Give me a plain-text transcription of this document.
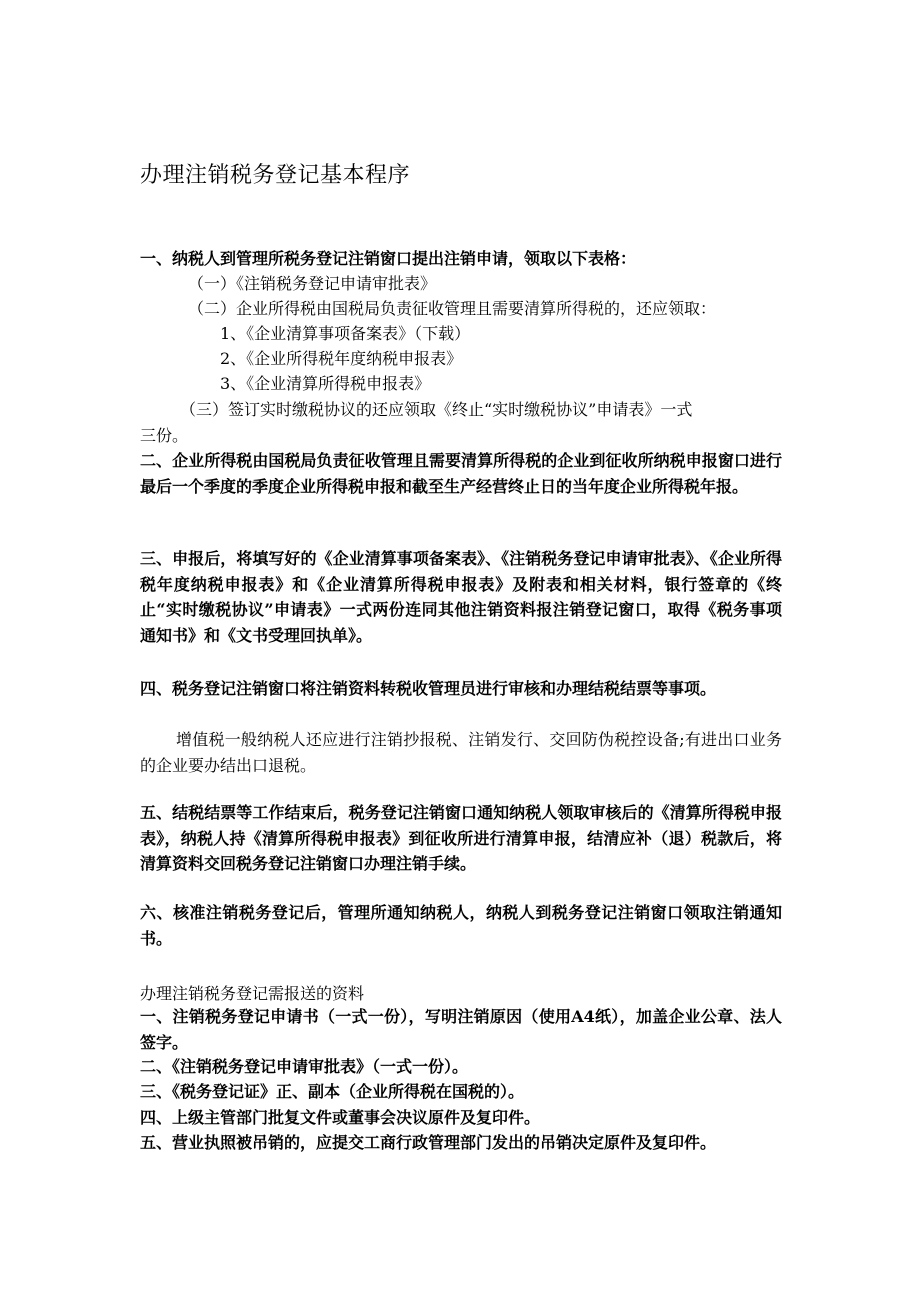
办理注销税务登记基本程序
一、纳税人到管理所税务登记注销窗口提出注销申请，领取以下表格：
（一）《注销税务登记申请审批表》
（二）企业所得税由国税局负责征收管理且需要清算所得税的，还应领取：
1、《企业清算事项备案表》（下载）
2、《企业所得税年度纳税申报表》
3、《企业清算所得税申报表》
（三）签订实时缴税协议的还应领取《终止“实时缴税协议”申请表》一式
三份。
二、企业所得税由国税局负责征收管理且需要清算所得税的企业到征收所纳税申报窗口进行最后一个季度的季度企业所得税申报和截至生产经营终止日的当年度企业所得税年报。
三、申报后，将填写好的《企业清算事项备案表》、《注销税务登记申请审批表》、《企业所得税年度纳税申报表》和《企业清算所得税申报表》及附表和相关材料，银行签章的《终止“实时缴税协议”申请表》一式两份连同其他注销资料报注销登记窗口，取得《税务事项通知书》和《文书受理回执单》。
四、税务登记注销窗口将注销资料转税收管理员进行审核和办理结税结票等事项。
增值税一般纳税人还应进行注销抄报税、注销发行、交回防伪税控设备;有进出口业务的企业要办结出口退税。
五、结税结票等工作结束后，税务登记注销窗口通知纳税人领取审核后的《清算所得税申报表》，纳税人持《清算所得税申报表》到征收所进行清算申报，结清应补（退）税款后，将清算资料交回税务登记注销窗口办理注销手续。
六、核准注销税务登记后，管理所通知纳税人，纳税人到税务登记注销窗口领取注销通知书。
办理注销税务登记需报送的资料
一、注销税务登记申请书（一式一份），写明注销原因（使用A4纸），加盖企业公章、法人签字。
二、《注销税务登记申请审批表》（一式一份）。
三、《税务登记证》正、副本（企业所得税在国税的）。
四、上级主管部门批复文件或董事会决议原件及复印件。
五、营业执照被吊销的，应提交工商行政管理部门发出的吊销决定原件及复印件。
